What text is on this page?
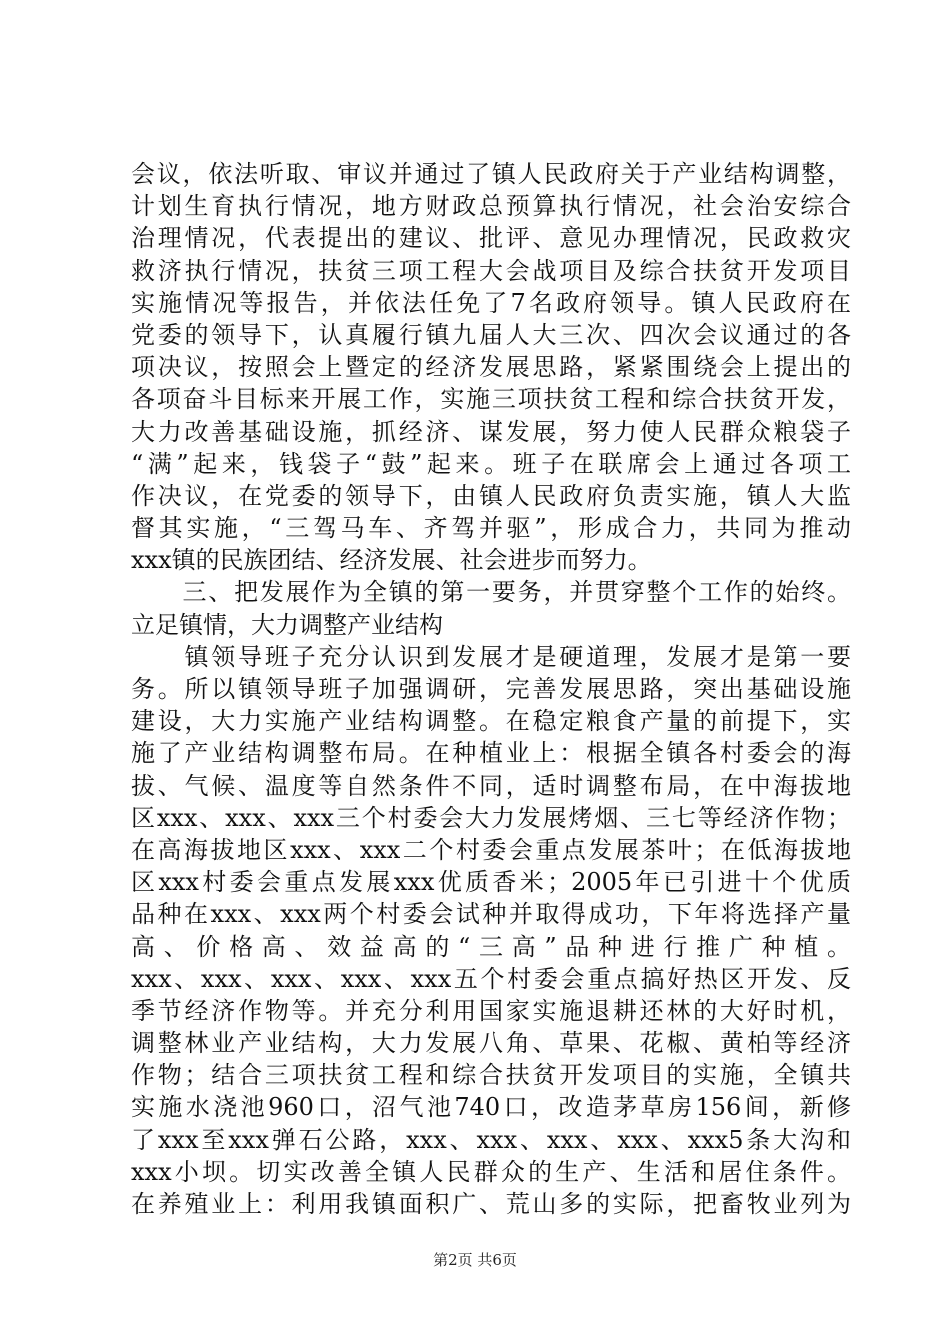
会议，依法听取、审议并通过了镇人民政府关于产业结构调整，
计划生育执行情况，地方财政总预算执行情况，社会治安综合
治理情况，代表提出的建议、批评、意见办理情况，民政救灾
救济执行情况，扶贫三项工程大会战项目及综合扶贫开发项目
实施情况等报告，并依法任免了7名政府领导。镇人民政府在
党委的领导下，认真履行镇九届人大三次、四次会议通过的各
项决议，按照会上暨定的经济发展思路，紧紧围绕会上提出的
各项奋斗目标来开展工作，实施三项扶贫工程和综合扶贫开发，
大力改善基础设施，抓经济、谋发展，努力使人民群众粮袋子
“满”起来，钱袋子“鼓”起来。班子在联席会上通过各项工
作决议，在党委的领导下，由镇人民政府负责实施，镇人大监
督其实施，“三驾马车、齐驾并驱”，形成合力，共同为推动
xxx镇的民族团结、经济发展、社会进步而努力。
　　三、把发展作为全镇的第一要务，并贯穿整个工作的始终。
立足镇情，大力调整产业结构
　　镇领导班子充分认识到发展才是硬道理，发展才是第一要
务。所以镇领导班子加强调研，完善发展思路，突出基础设施
建设，大力实施产业结构调整。在稳定粮食产量的前提下，实
施了产业结构调整布局。在种植业上：根据全镇各村委会的海
拔、气候、温度等自然条件不同，适时调整布局，在中海拔地
区xxx、xxx、xxx三个村委会大力发展烤烟、三七等经济作物；
在高海拔地区xxx、xxx二个村委会重点发展茶叶；在低海拔地
区xxx村委会重点发展xxx优质香米；2005年已引进十个优质
品种在xxx、xxx两个村委会试种并取得成功，下年将选择产量
高、价格高、效益高的“三高”品种进行推广种植。
xxx、xxx、xxx、xxx、xxx五个村委会重点搞好热区开发、反
季节经济作物等。并充分利用国家实施退耕还林的大好时机，
调整林业产业结构，大力发展八角、草果、花椒、黄柏等经济
作物；结合三项扶贫工程和综合扶贫开发项目的实施，全镇共
实施水浇池960口，沼气池740口，改造茅草房156间，新修
了xxx至xxx弹石公路，xxx、xxx、xxx、xxx、xxx5条大沟和
xxx小坝。切实改善全镇人民群众的生产、生活和居住条件。
在养殖业上：利用我镇面积广、荒山多的实际，把畜牧业列为
第2页 共6页
